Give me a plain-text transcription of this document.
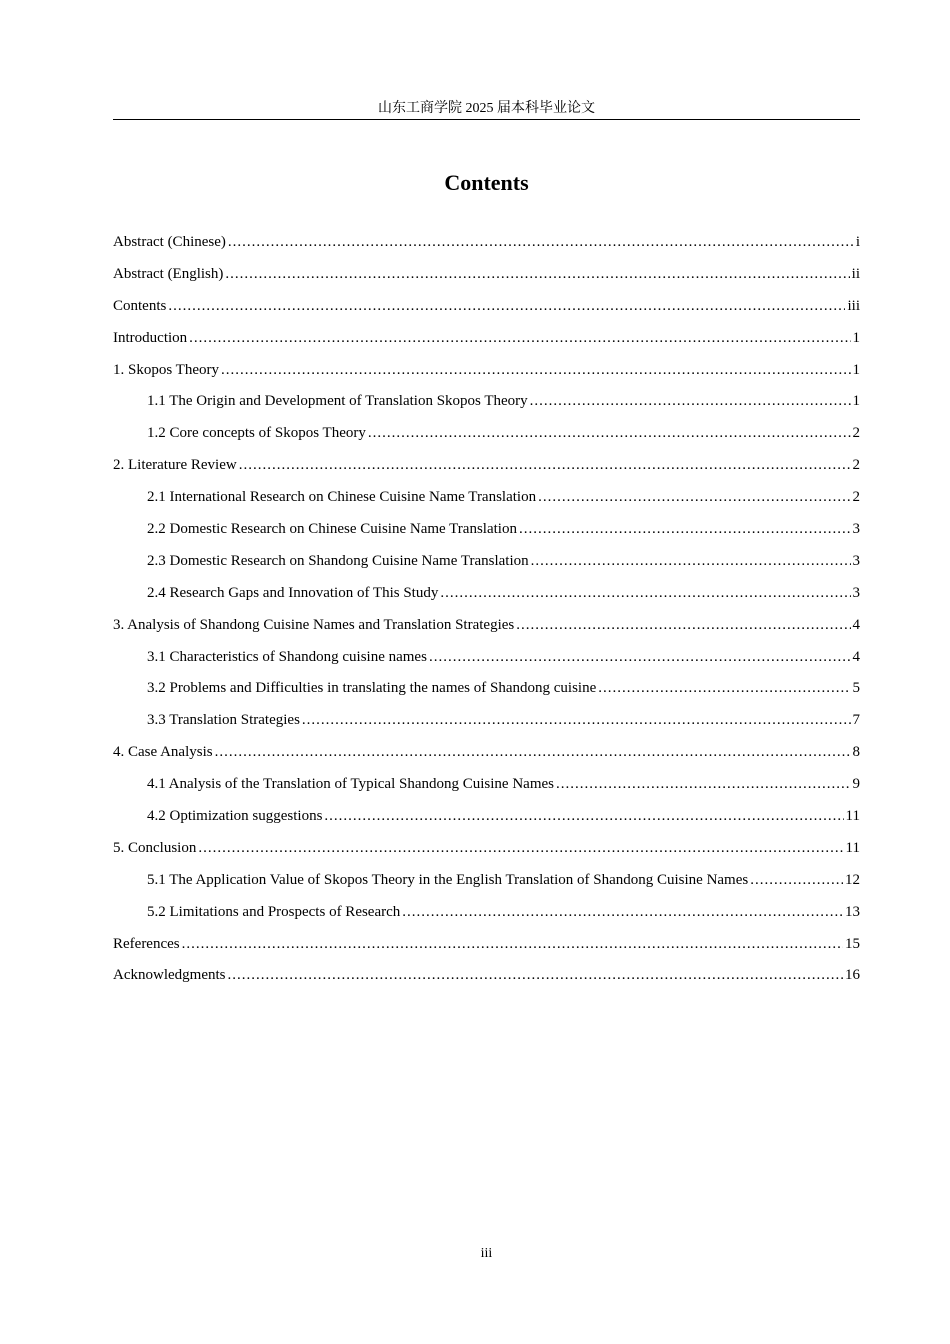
山东工商学院 2025 届本科毕业论文
Contents
Abstract (Chinese) .....	i
Abstract (English) .....	ii
Contents .....	iii
Introduction .....	1
1. Skopos Theory .....	1
1.1 The Origin and Development of Translation Skopos Theory .....	1
1.2 Core concepts of Skopos Theory .....	2
2. Literature Review .....	2
2.1 International Research on Chinese Cuisine Name Translation .....	2
2.2 Domestic Research on Chinese Cuisine Name Translation .....	3
2.3 Domestic Research on Shandong Cuisine Name Translation .....	3
2.4 Research Gaps and Innovation of This Study .....	3
3. Analysis of Shandong Cuisine Names and Translation Strategies .....	4
3.1 Characteristics of Shandong cuisine names .....	4
3.2 Problems and Difficulties in translating the names of Shandong cuisine .....	5
3.3 Translation Strategies .....	7
4. Case Analysis .....	8
4.1 Analysis of the Translation of Typical Shandong Cuisine Names .....	9
4.2 Optimization suggestions .....	11
5. Conclusion .....	11
5.1 The Application Value of Skopos Theory in the English Translation of Shandong Cuisine Names .....	12
5.2 Limitations and Prospects of Research .....	13
References .....	15
Acknowledgments .....	16
iii
